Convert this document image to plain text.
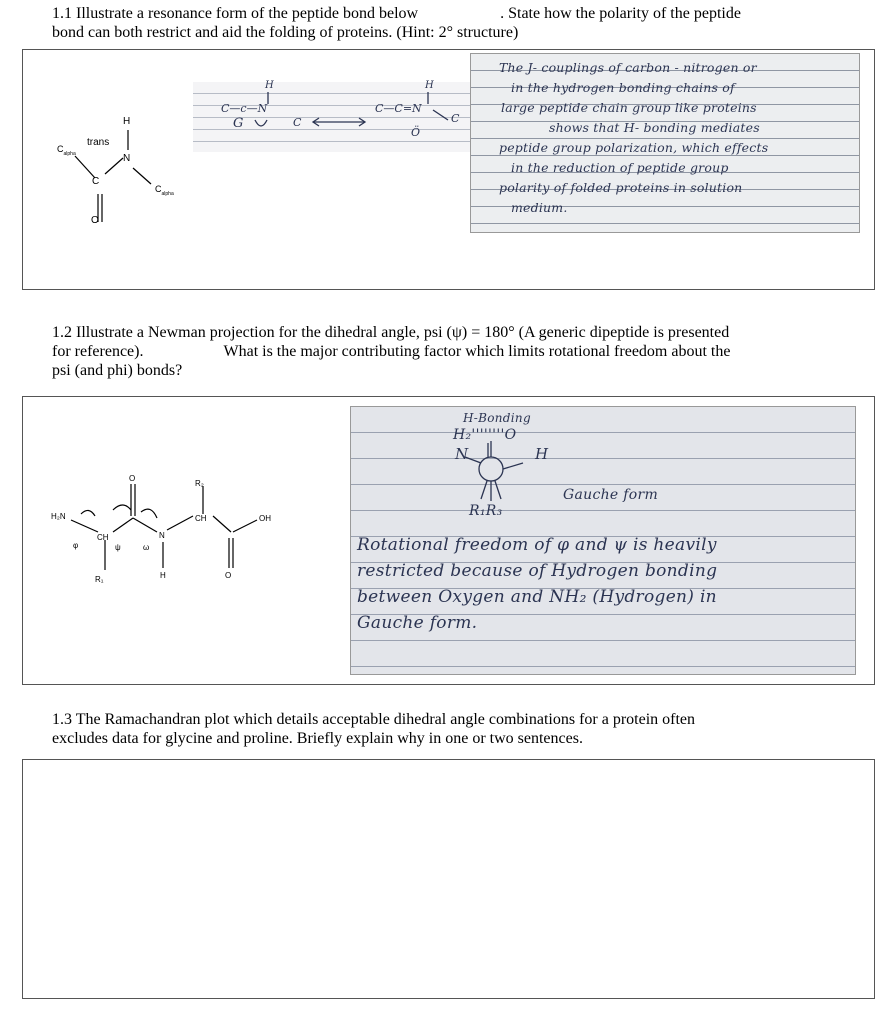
1.1 Illustrate a resonance form of the peptide bond below	. State how the polarity of the peptide
bond can both restrict and aid the folding of proteins. (Hint: 2° structure)
$C_{alpha}$
trans
H
N
C
O
$C_{alpha}$
H
C—c—N
C
G
H
C—C=N
C
Ö
The J- couplings of carbon - nitrogen or
in the hydrogen bonding chains of
large peptide chain group like proteins
shows that H- bonding mediates
peptide group polarization, which effects
in the reduction of peptide group
polarity of folded proteins in solution
medium.
1.2 Illustrate a Newman projection for the dihedral angle, psi (ψ) = 180° (A generic dipeptide is presented
for reference).	What is the major contributing factor which limits rotational freedom about the
psi (and phi) bonds?
H₂N
CH
R₁
φ	ψ	ω
O
N
H
CH
R₂
O
OH
H-Bonding
H₂''''''''O
N	H
R₁R₃
Gauche form
Rotational freedom of φ and ψ is heavily
restricted because of Hydrogen bonding
between Oxygen and NH₂ (Hydrogen) in
Gauche form.
1.3 The Ramachandran plot which details acceptable dihedral angle combinations for a protein often
excludes data for glycine and proline. Briefly explain why in one or two sentences.
